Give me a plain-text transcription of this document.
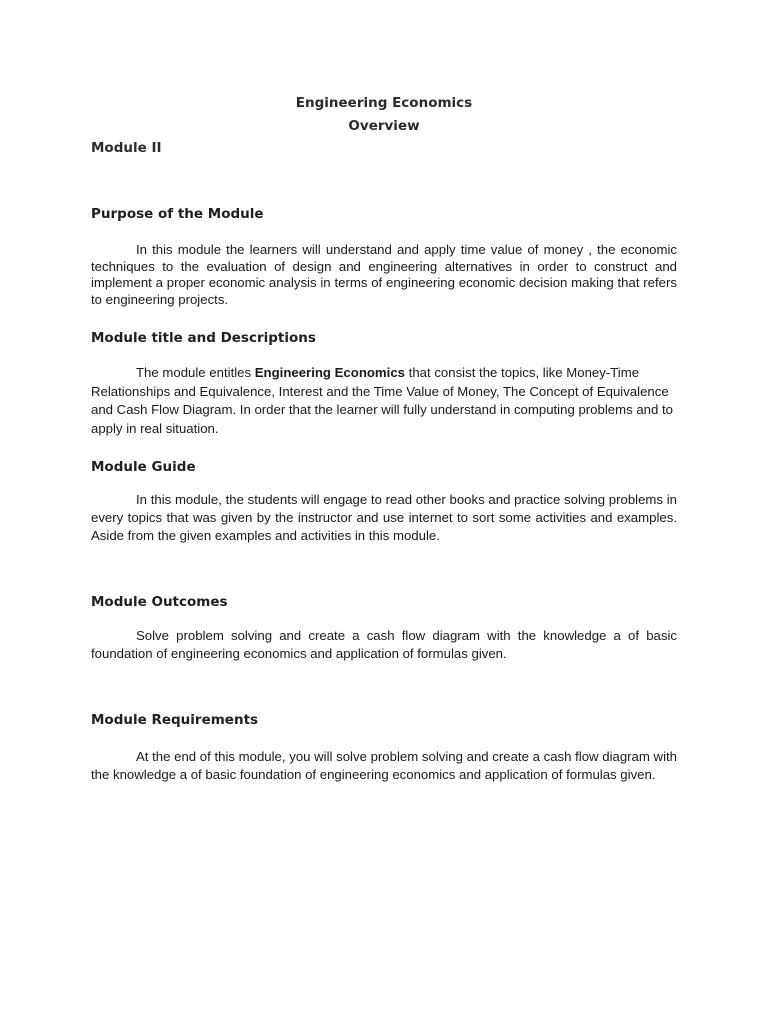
Engineering Economics
Overview
Module II
Purpose of the Module
In this module the learners will understand and apply time value of money , the economic techniques to the evaluation of design and engineering alternatives in order to construct and implement a proper economic analysis in terms of engineering economic decision making that refers to engineering projects.
Module title and Descriptions
The module entitles Engineering Economics that consist the topics, like Money-Time Relationships and Equivalence, Interest and the Time Value of Money, The Concept of Equivalence and Cash Flow Diagram. In order that the learner will fully understand in computing problems and to apply in real situation.
Module Guide
In this module, the students will engage to read other books and practice solving problems in every topics that was given by the instructor and use internet to sort some activities and examples. Aside from the given examples and activities in this module.
Module Outcomes
Solve problem solving and create a cash flow diagram with the knowledge a of basic foundation of engineering economics and application of formulas given.
Module Requirements
At the end of this module, you will solve problem solving and create a cash flow diagram with the knowledge a of basic foundation of engineering economics and application of formulas given.
